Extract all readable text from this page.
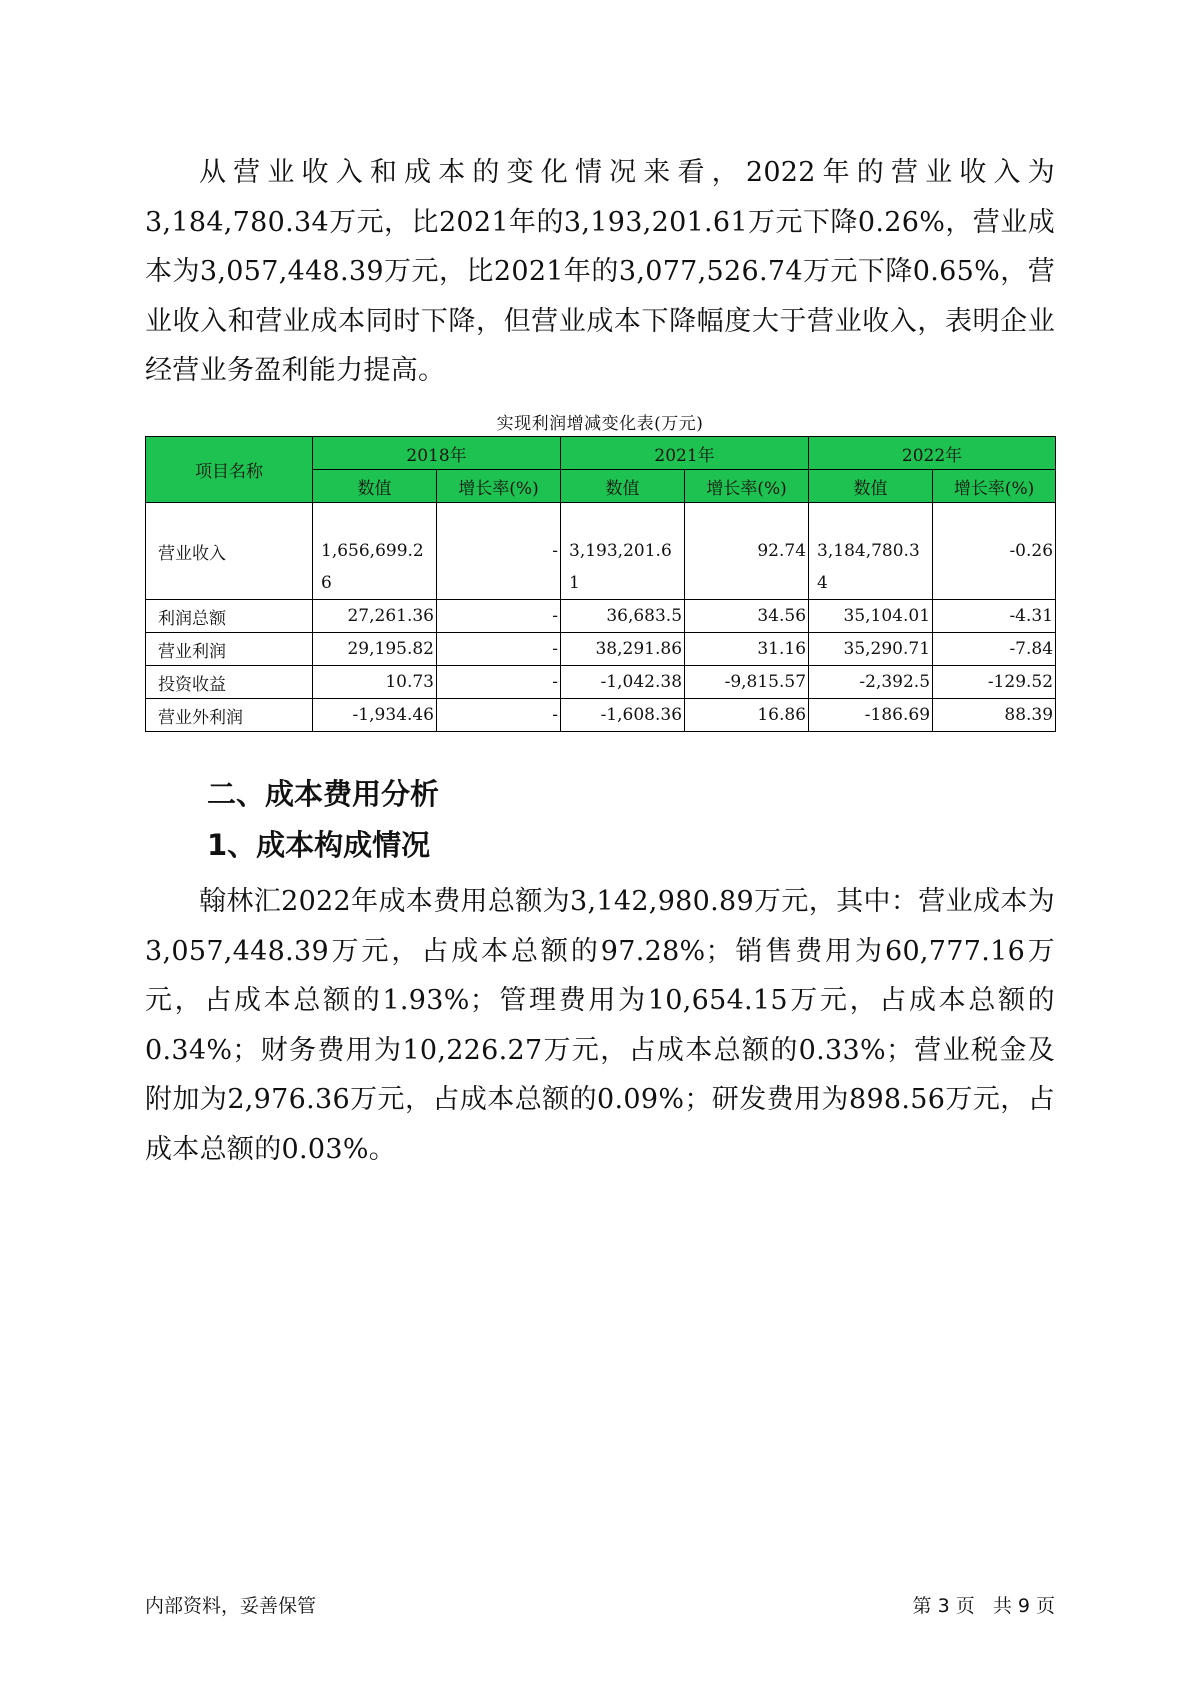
从营业收入和成本的变化情况来看，2022年的营业收入为3,184,780.34万元，比2021年的3,193,201.61万元下降0.26%，营业成本为3,057,448.39万元，比2021年的3,077,526.74万元下降0.65%，营业收入和营业成本同时下降，但营业成本下降幅度大于营业收入，表明企业经营业务盈利能力提高。

实现利润增减变化表(万元)
项目名称	2018年		2021年		2022年	
	数值	增长率(%)	数值	增长率(%)	数值	增长率(%)
营业收入	1,656,699.26	-	3,193,201.61	92.74	3,184,780.34	-0.26
利润总额	27,261.36	-	36,683.5	34.56	35,104.01	-4.31
营业利润	29,195.82	-	38,291.86	31.16	35,290.71	-7.84
投资收益	10.73	-	-1,042.38	-9,815.57	-2,392.5	-129.52
营业外利润	-1,934.46	-	-1,608.36	16.86	-186.69	88.39
二、成本费用分析
1、成本构成情况

翰林汇2022年成本费用总额为3,142,980.89万元，其中：营业成本为3,057,448.39万元，占成本总额的97.28%；销售费用为60,777.16万元，占成本总额的1.93%；管理费用为10,654.15万元，占成本总额的0.34%；财务费用为10,226.27万元，占成本总额的0.33%；营业税金及附加为2,976.36万元，占成本总额的0.09%；研发费用为898.56万元，占成本总额的0.03%。

内部资料，妥善保管	第 3 页   共 9 页
